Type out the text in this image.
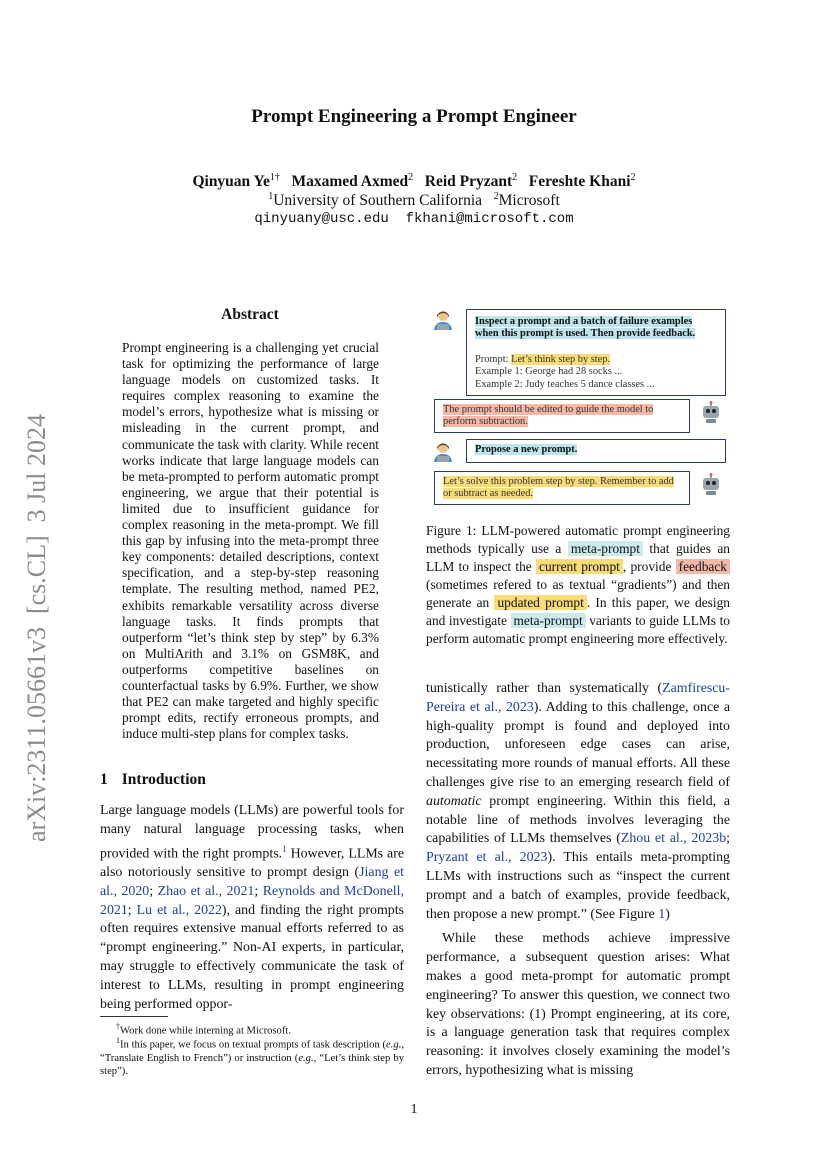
Prompt Engineering a Prompt Engineer
Qinyuan $Ye^{1\dagger}$ Maxamed Axmed$^2$ Reid Pryzant$^2$ Fereshte Khani$^2$
$^1$University of Southern California $^2$Microsoft
qinyuany@usc.edu  fkhani@microsoft.com
arXiv:2311.05661v3  [cs.CL]  3 Jul 2024
Abstract
Prompt engineering is a challenging yet crucial task for optimizing the performance of large language models on customized tasks. It requires complex reasoning to examine the model’s errors, hypothesize what is missing or misleading in the current prompt, and communicate the task with clarity. While recent works indicate that large language models can be meta-prompted to perform automatic prompt engineering, we argue that their potential is limited due to insufficient guidance for complex reasoning in the meta-prompt. We fill this gap by infusing into the meta-prompt three key components: detailed descriptions, context specification, and a step-by-step reasoning template. The resulting method, named PE2, exhibits remarkable versatility across diverse language tasks. It finds prompts that outperform “let’s think step by step” by 6.3% on MultiArith and 3.1% on GSM8K, and outperforms competitive baselines on counterfactual tasks by 6.9%. Further, we show that PE2 can make targeted and highly specific prompt edits, rectify erroneous prompts, and induce multi-step plans for complex tasks.
1 Introduction
Large language models (LLMs) are powerful tools for many natural language processing tasks, when provided with the right prompts.$^1$ However, LLMs are also notoriously sensitive to prompt design (Jiang et al., 2020; Zhao et al., 2021; Reynolds and McDonell, 2021; Lu et al., 2022), and finding the right prompts often requires extensive manual efforts referred to as “prompt engineering.” Non-AI experts, in particular, may struggle to effectively communicate the task of interest to LLMs, resulting in prompt engineering being performed oppor-
†Work done while interning at Microsoft.
$^1$In this paper, we focus on textual prompts of task description (e.g., “Translate English to French”) or instruction (e.g., “Let’s think step by step”).
Inspect a prompt and a batch of failure examples
when this prompt is used. Then provide feedback.
Prompt: Let’s think step by step.
Example 1: George had 28 socks ...
Example 2: Judy teaches 5 dance classes ...
The prompt should be edited to guide the model to
perform subtraction.
Propose a new prompt.
Let’s solve this problem step by step. Remember to add
or subtract as needed.
Figure 1: LLM-powered automatic prompt engineering methods typically use a meta-prompt that guides an LLM to inspect the current prompt , provide feedback (sometimes refered to as textual “gradients”) and then generate an updated prompt . In this paper, we design and investigate meta-prompt variants to guide LLMs to perform automatic prompt engineering more effectively.

tunistically rather than systematically (Zamfirescu-Pereira et al., 2023). Adding to this challenge, once a high-quality prompt is found and deployed into production, unforeseen edge cases can arise, necessitating more rounds of manual efforts. All these challenges give rise to an emerging research field of automatic prompt engineering. Within this field, a notable line of methods involves leveraging the capabilities of LLMs themselves (Zhou et al., 2023b; Pryzant et al., 2023). This entails meta-prompting LLMs with instructions such as “inspect the current prompt and a batch of examples, provide feedback, then propose a new prompt.” (See Figure 1)

While these methods achieve impressive performance, a subsequent question arises: What makes a good meta-prompt for automatic prompt engineering? To answer this question, we connect two key observations: (1) Prompt engineering, at its core, is a language generation task that requires complex reasoning: it involves closely examining the model’s errors, hypothesizing what is missing

1
